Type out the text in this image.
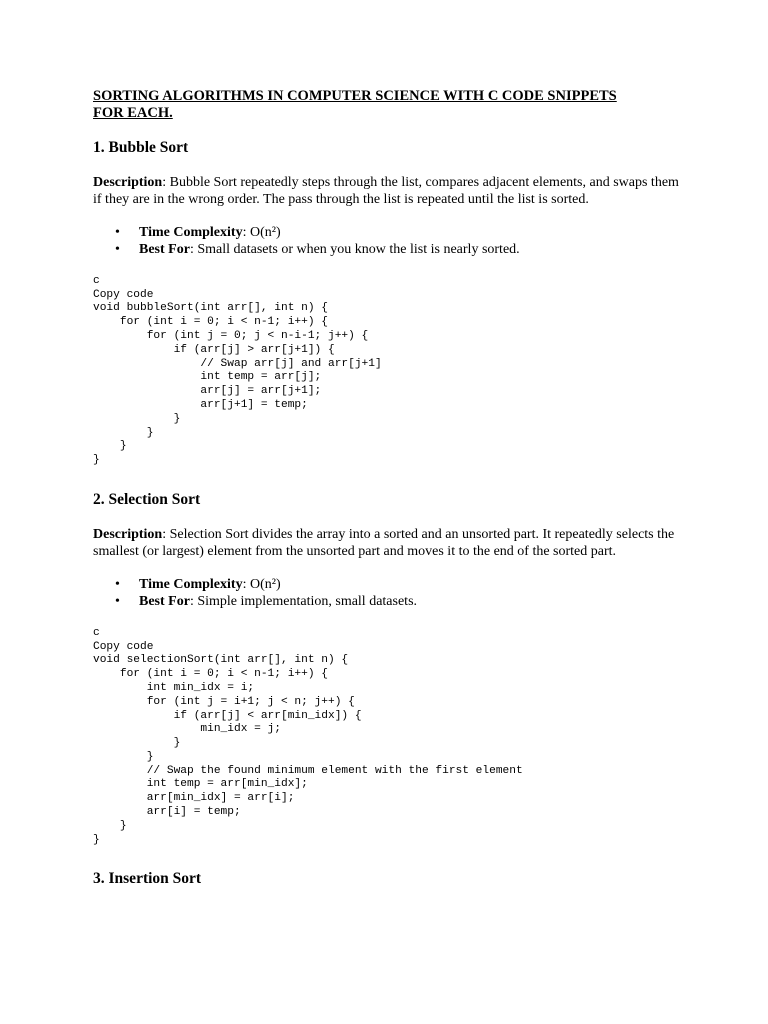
SORTING ALGORITHMS IN COMPUTER SCIENCE WITH C CODE SNIPPETS
FOR EACH.
1. Bubble Sort

Description: Bubble Sort repeatedly steps through the list, compares adjacent elements, and swaps them if they are in the wrong order. The pass through the list is repeated until the list is sorted.

• Time Complexity: O(n²)
• Best For: Small datasets or when you know the list is nearly sorted.
c
Copy code
void bubbleSort(int arr[], int n) {
for (int i = 0; i < n-1; i++) {
for (int j = 0; j < n-i-1; j++) {
if (arr[j] > arr[j+1]) {
// Swap arr[j] and arr[j+1]
int temp = arr[j];
arr[j] = arr[j+1];
arr[j+1] = temp;
}
}
}
}
2. Selection Sort

Description: Selection Sort divides the array into a sorted and an unsorted part. It repeatedly selects the smallest (or largest) element from the unsorted part and moves it to the end of the sorted part.

• Time Complexity: O(n²)
• Best For: Simple implementation, small datasets.
c
Copy code
void selectionSort(int arr[], int n) {
for (int i = 0; i < n-1; i++) {
int min_idx = i;
for (int j = i+1; j < n; j++) {
if (arr[j] < arr[min_idx]) {
min_idx = j;
}
}
// Swap the found minimum element with the first element
int temp = arr[min_idx];
arr[min_idx] = arr[i];
arr[i] = temp;
}
}
3. Insertion Sort
